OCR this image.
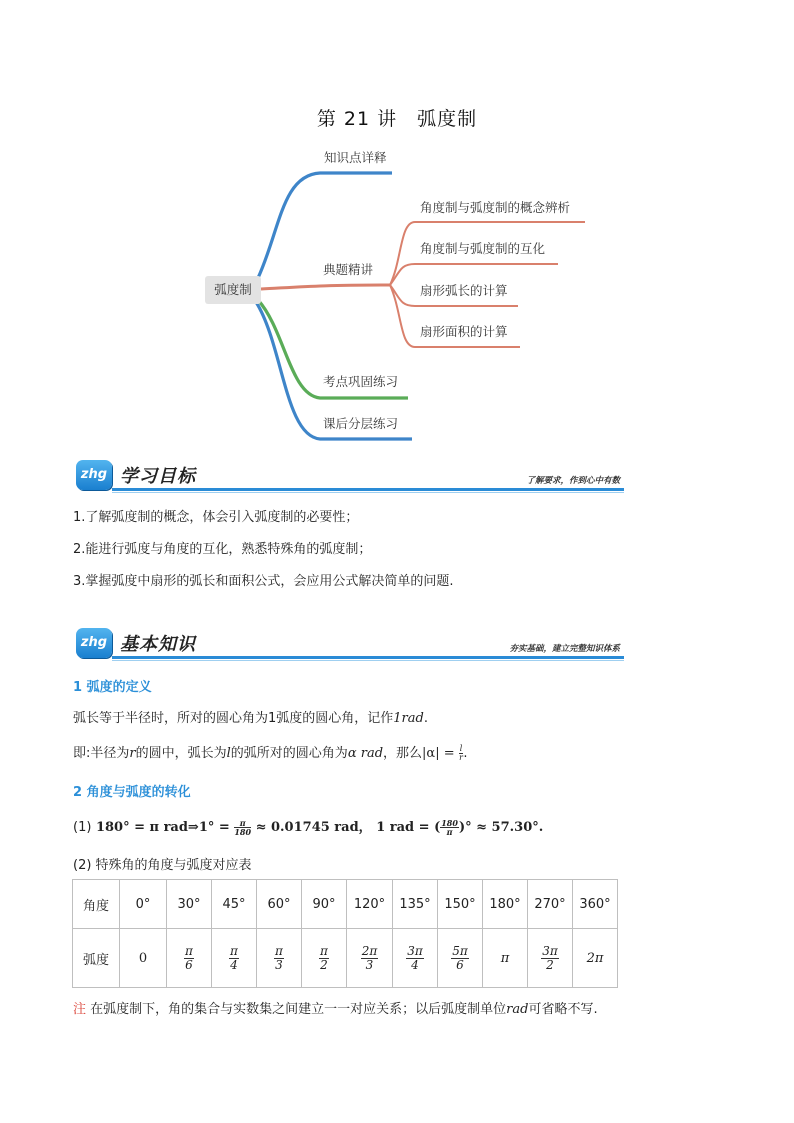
第 21 讲　弧度制
知识点详释
典题精讲
考点巩固练习
课后分层练习
角度制与弧度制的概念辨析
角度制与弧度制的互化
扇形弧长的计算
扇形面积的计算
弧度制
zhg 学习目标	了解要求，作到心中有数
1.了解弧度制的概念，体会引入弧度制的必要性；
2.能进行弧度与角度的互化，熟悉特殊角的弧度制；
3.掌握弧度中扇形的弧长和面积公式，会应用公式解决简单的问题.
zhg 基本知识	夯实基础，建立完整知识体系
1 弧度的定义
弧长等于半径时，所对的圆心角为1弧度的圆心角，记作1rad.
即:半径为r的圆中，弧长为l的弧所对的圆心角为α rad，那么$|\alpha| = \frac{l}{r}$ .
2 角度与弧度的转化
(1) 180° = π rad⇒1° = $\frac{\pi}{180} \approx 0.01745$ rad， 1 rad = ( $\frac{180}{\pi}$ )° ≈ 57.30°.
(2) 特殊角的角度与弧度对应表
角度	0°	30°	45°	60°	90°	120°	135°	150°	180°	270°	360°
弧度	0	$\frac{\pi}{6}$	$\frac{\pi}{4}$	$\frac{\pi}{3}$	$\frac{\pi}{2}$	$\frac{2\pi}{3}$	$\frac{3\pi}{4}$	$\frac{5\pi}{6}$	π	$\frac{3\pi}{2}$	2π
注 在弧度制下，角的集合与实数集之间建立一一对应关系；以后弧度制单位rad可省略不写.
